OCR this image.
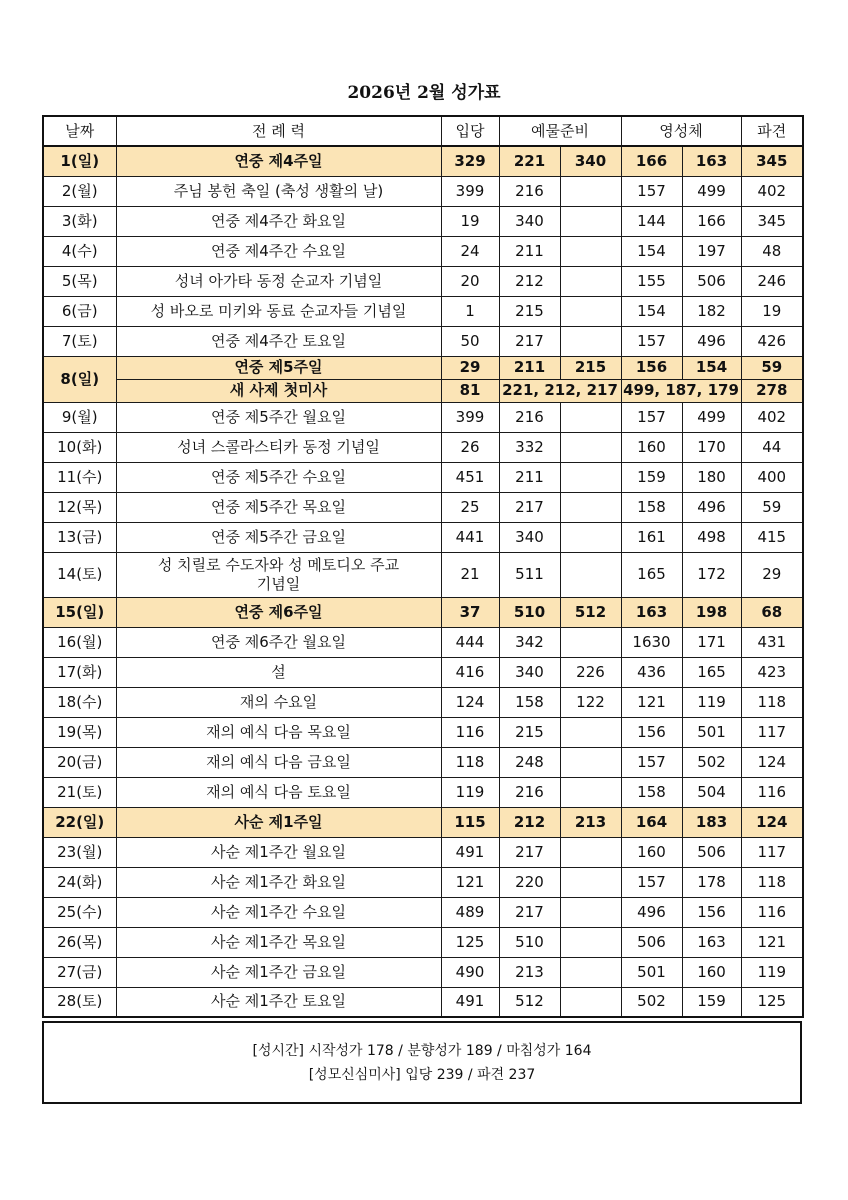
2026년 2월 성가표
날짜	전 례 력	입당	예물준비		영성체		파견
1(일)	연중 제4주일	329	221	340	166	163	345
2(월)	주님 봉헌 축일 (축성 생활의 날)	399	216		157	499	402
3(화)	연중 제4주간 화요일	19	340		144	166	345
4(수)	연중 제4주간 수요일	24	211		154	197	48
5(목)	성녀 아가타 동정 순교자 기념일	20	212		155	506	246
6(금)	성 바오로 미키와 동료 순교자들 기념일	1	215		154	182	19
7(토)	연중 제4주간 토요일	50	217		157	496	426
8(일)	연중 제5주일	29	211	215	156	154	59
	새 사제 첫미사	81	221, 212, 217		499, 187, 179		278
9(월)	연중 제5주간 월요일	399	216		157	499	402
10(화)	성녀 스콜라스티카 동정 기념일	26	332		160	170	44
11(수)	연중 제5주간 수요일	451	211		159	180	400
12(목)	연중 제5주간 목요일	25	217		158	496	59
13(금)	연중 제5주간 금요일	441	340		161	498	415
14(토)	성 치릴로 수도자와 성 메토디오 주교
기념일	21	511		165	172	29
15(일)	연중 제6주일	37	510	512	163	198	68
16(월)	연중 제6주간 월요일	444	342		1630	171	431
17(화)	설	416	340	226	436	165	423
18(수)	재의 수요일	124	158	122	121	119	118
19(목)	재의 예식 다음 목요일	116	215		156	501	117
20(금)	재의 예식 다음 금요일	118	248		157	502	124
21(토)	재의 예식 다음 토요일	119	216		158	504	116
22(일)	사순 제1주일	115	212	213	164	183	124
23(월)	사순 제1주간 월요일	491	217		160	506	117
24(화)	사순 제1주간 화요일	121	220		157	178	118
25(수)	사순 제1주간 수요일	489	217		496	156	116
26(목)	사순 제1주간 목요일	125	510		506	163	121
27(금)	사순 제1주간 금요일	490	213		501	160	119
28(토)	사순 제1주간 토요일	491	512		502	159	125
[성시간] 시작성가 178 / 분향성가 189 / 마침성가 164
[성모신심미사] 입당 239 / 파견 237
